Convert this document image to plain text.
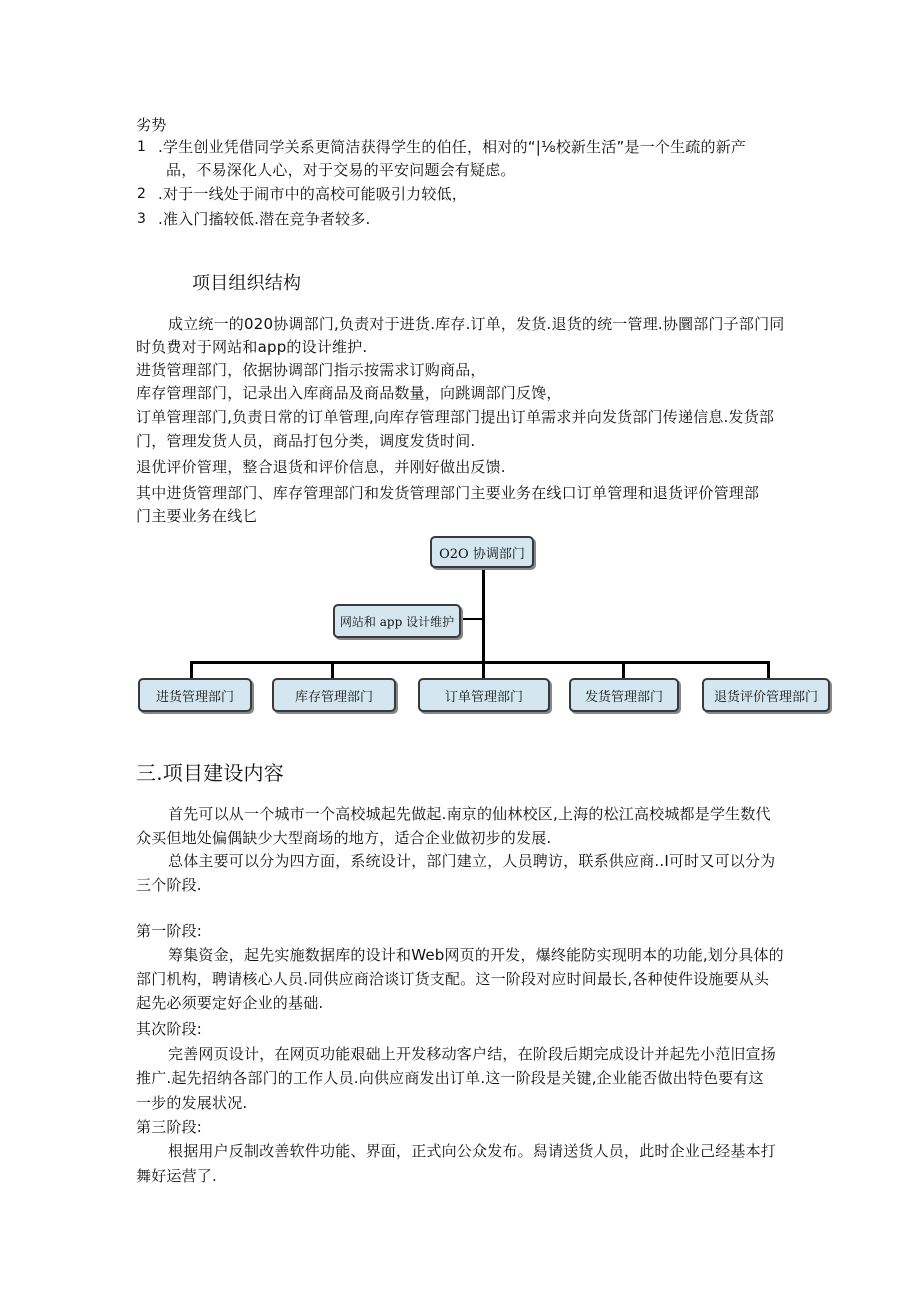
劣势
1 .学生创业凭借同学关系更简洁获得学生的伯任，相对的“|⅛校新生活”是一个生疏的新产
品，不易深化人心，对于交易的平安问题会有疑虑。
2 .对于一线处于闹市中的高校可能吸引力较低，
3 .准入门搐较低.潜在竞争者较多.
项目组织结构
成立统一的020协调部门,负责对于进货.库存.订单，发货.退货的统一管理.协圜部门子部门同
时负费对于网站和app的设计维护.
进货管理部门，依据协调部门指示按需求订购商品，
库存管理部门，记录出入库商品及商品数量，向跳调部门反馋，
订单管理部门,负责日常的订单管理,向库存管理部门提出订单需求并向发货部门传递信息.发货部
门，管理发货人员，商品打包分类，调度发货时间.
退优评价管理，整合退货和评价信息，并刚好做出反馈.
其中进货管理部门、库存管理部门和发货管理部门主要业务在线口订单管理和退货评价管理部
门主要业务在线匕
O2O 协调部门
网站和 app 设计维护
进货管理部门	库存管理部门	订单管理部门	发货管理部门	退货评价管理部门
三.项目建设内容
首先可以从一个城市一个高校城起先做起.南京的仙林校区,上海的松江高校城都是学生数代
众买但地处偏偶缺少大型商场的地方，适合企业做初步的发展.
总体主要可以分为四方面，系统设计，部门建立，人员聘访，联系供应商..I可时又可以分为
三个阶段.
第一阶段:
筹集资金，起先实施数据库的设计和Web网页的开发，爆终能防实现明本的功能,划分具体的
部门机构，聘请核心人员.同供应商洽谈订货支配。这一阶段对应时间最长,各种使件设施要从头
起先必须要定好企业的基础.
其次阶段:
完善网页设计，在网页功能艰础上开发移动客户结，在阶段后期完成设计并起先小范旧宣扬
推广.起先招纳各部门的工作人员.向供应商发出订单.这一阶段是关键,企业能否做出特色要有这
一步的发展状况.
第三阶段:
根据用户反制改善软件功能、界面，正式向公众发布。舄请送货人员，此时企业己经基本打
舞好运营了.
